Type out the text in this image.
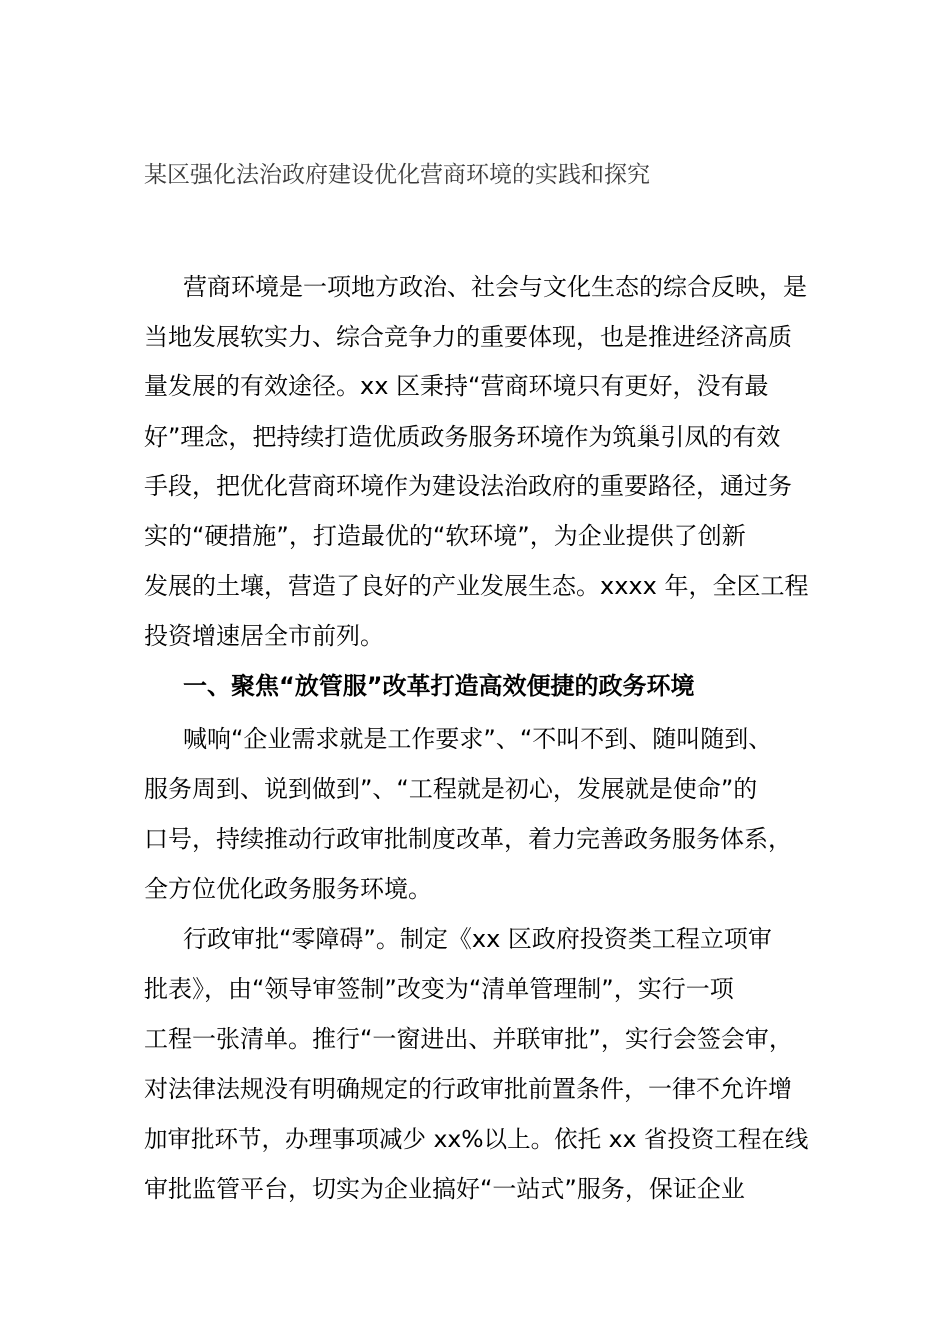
某区强化法治政府建设优化营商环境的实践和探究
营商环境是一项地方政治、社会与文化生态的综合反映，是
当地发展软实力、综合竞争力的重要体现，也是推进经济高质
量发展的有效途径。xx 区秉持“营商环境只有更好，没有最
好”理念，把持续打造优质政务服务环境作为筑巢引凤的有效
手段，把优化营商环境作为建设法治政府的重要路径，通过务
实的“硬措施”，打造最优的“软环境”，为企业提供了创新
发展的土壤，营造了良好的产业发展生态。xxxx 年，全区工程
投资增速居全市前列。
一、聚焦“放管服”改革打造高效便捷的政务环境
喊响“企业需求就是工作要求”、“不叫不到、随叫随到、
服务周到、说到做到”、“工程就是初心，发展就是使命”的
口号，持续推动行政审批制度改革，着力完善政务服务体系，
全方位优化政务服务环境。
行政审批“零障碍”。制定《xx 区政府投资类工程立项审
批表》，由“领导审签制”改变为“清单管理制”，实行一项
工程一张清单。推行“一窗进出、并联审批”，实行会签会审，
对法律法规没有明确规定的行政审批前置条件，一律不允许增
加审批环节，办理事项减少 xx%以上。依托 xx 省投资工程在线
审批监管平台，切实为企业搞好“一站式”服务，保证企业
